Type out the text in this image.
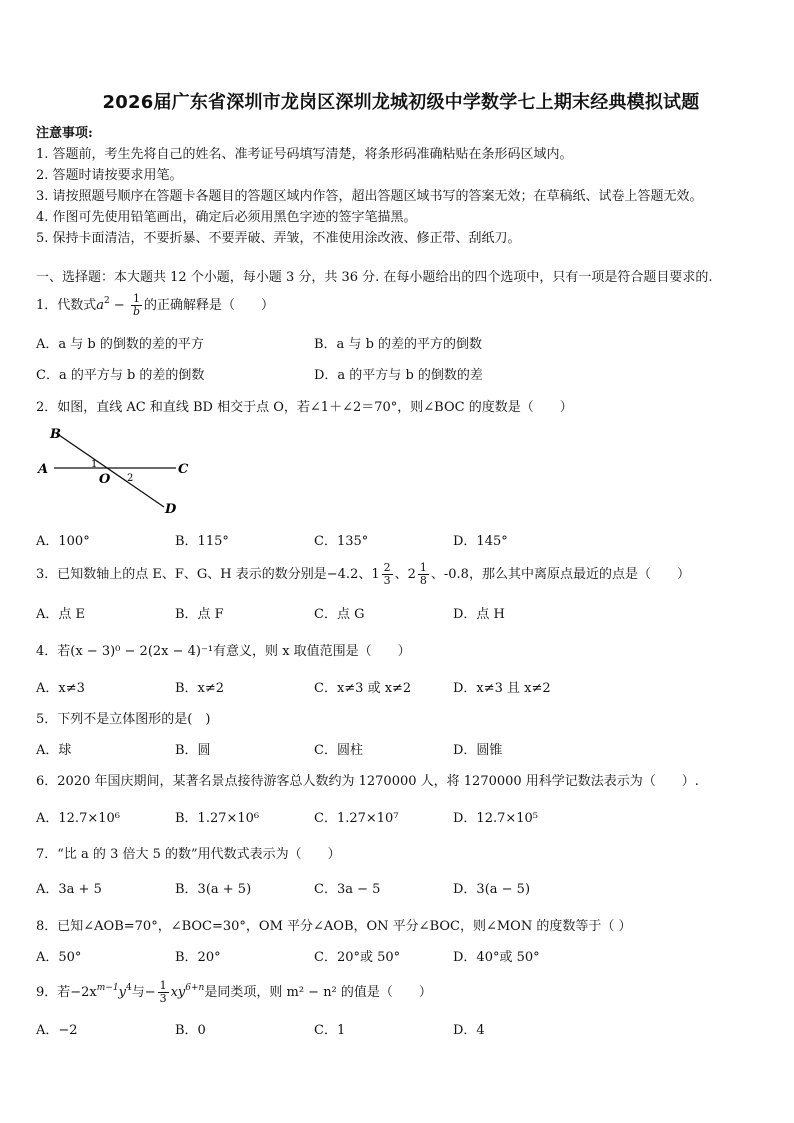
2026届广东省深圳市龙岗区深圳龙城初级中学数学七上期末经典模拟试题
注意事项:
1. 答题前，考生先将自己的姓名、准考证号码填写清楚，将条形码准确粘贴在条形码区域内。
2. 答题时请按要求用笔。
3. 请按照题号顺序在答题卡各题目的答题区域内作答，超出答题区域书写的答案无效；在草稿纸、试卷上答题无效。
4. 作图可先使用铅笔画出，确定后必须用黑色字迹的签字笔描黑。
5. 保持卡面清洁，不要折暴、不要弄破、弄皱，不准使用涂改液、修正带、刮纸刀。
一、选择题：本大题共 12 个小题，每小题 3 分，共 36 分. 在每小题给出的四个选项中，只有一项是符合题目要求的.
1．代数式$a^2 - \frac{1}{b}$ 的正确解释是（　　）
A．a 与 b 的倒数的差的平方	B．a 与 b 的差的平方的倒数
C．a 的平方与 b 的差的倒数	D．a 的平方与 b 的倒数的差
2．如图，直线 AC 和直线 BD 相交于点 O，若∠1＋∠2＝70°，则∠BOC 的度数是（　　）
A
B
C
D
O
1
2
A．100°	B．115°	C．135°	D．145°
3．已知数轴上的点 E、F、G、H 表示的数分别是−4.2、$1 \frac{2}{3}$ 、$2 \frac{1}{8}$ 、-0.8，那么其中离原点最近的点是（　　）
A．点 E	B．点 F	C．点 G	D．点 H
4．若(x − 3)⁰ − 2(2x − 4)⁻¹有意义，则 x 取值范围是（　　）
A．x≠3	B．x≠2	C．x≠3 或 x≠2	D．x≠3 且 x≠2
5．下列不是立体图形的是(　)
A．球	B．圆	C．圆柱	D．圆锥
6．2020 年国庆期间，某著名景点接待游客总人数约为 1270000 人，将 1270000 用科学记数法表示为（　　）.
A．12.7×10⁶	B．1.27×10⁶	C．1.27×10⁷	D．12.7×10⁵
7．“比 a 的 3 倍大 5 的数”用代数式表示为（　　）
A．3a + 5	B．3(a + 5)	C．3a − 5	D．3(a − 5)
8．已知∠AOB=70°，∠BOC=30°，OM 平分∠AOB，ON 平分∠BOC，则∠MON 的度数等于（ ）
A．50°	B．20°	C．20°或 50°	D．40°或 50°
9．若$-2x^{m-1}y^4$与− $\frac{1}{3} xy^{6+n}$是同类项，则 m² − n² 的值是（　　）
A．−2	B．0	C．1	D．4
